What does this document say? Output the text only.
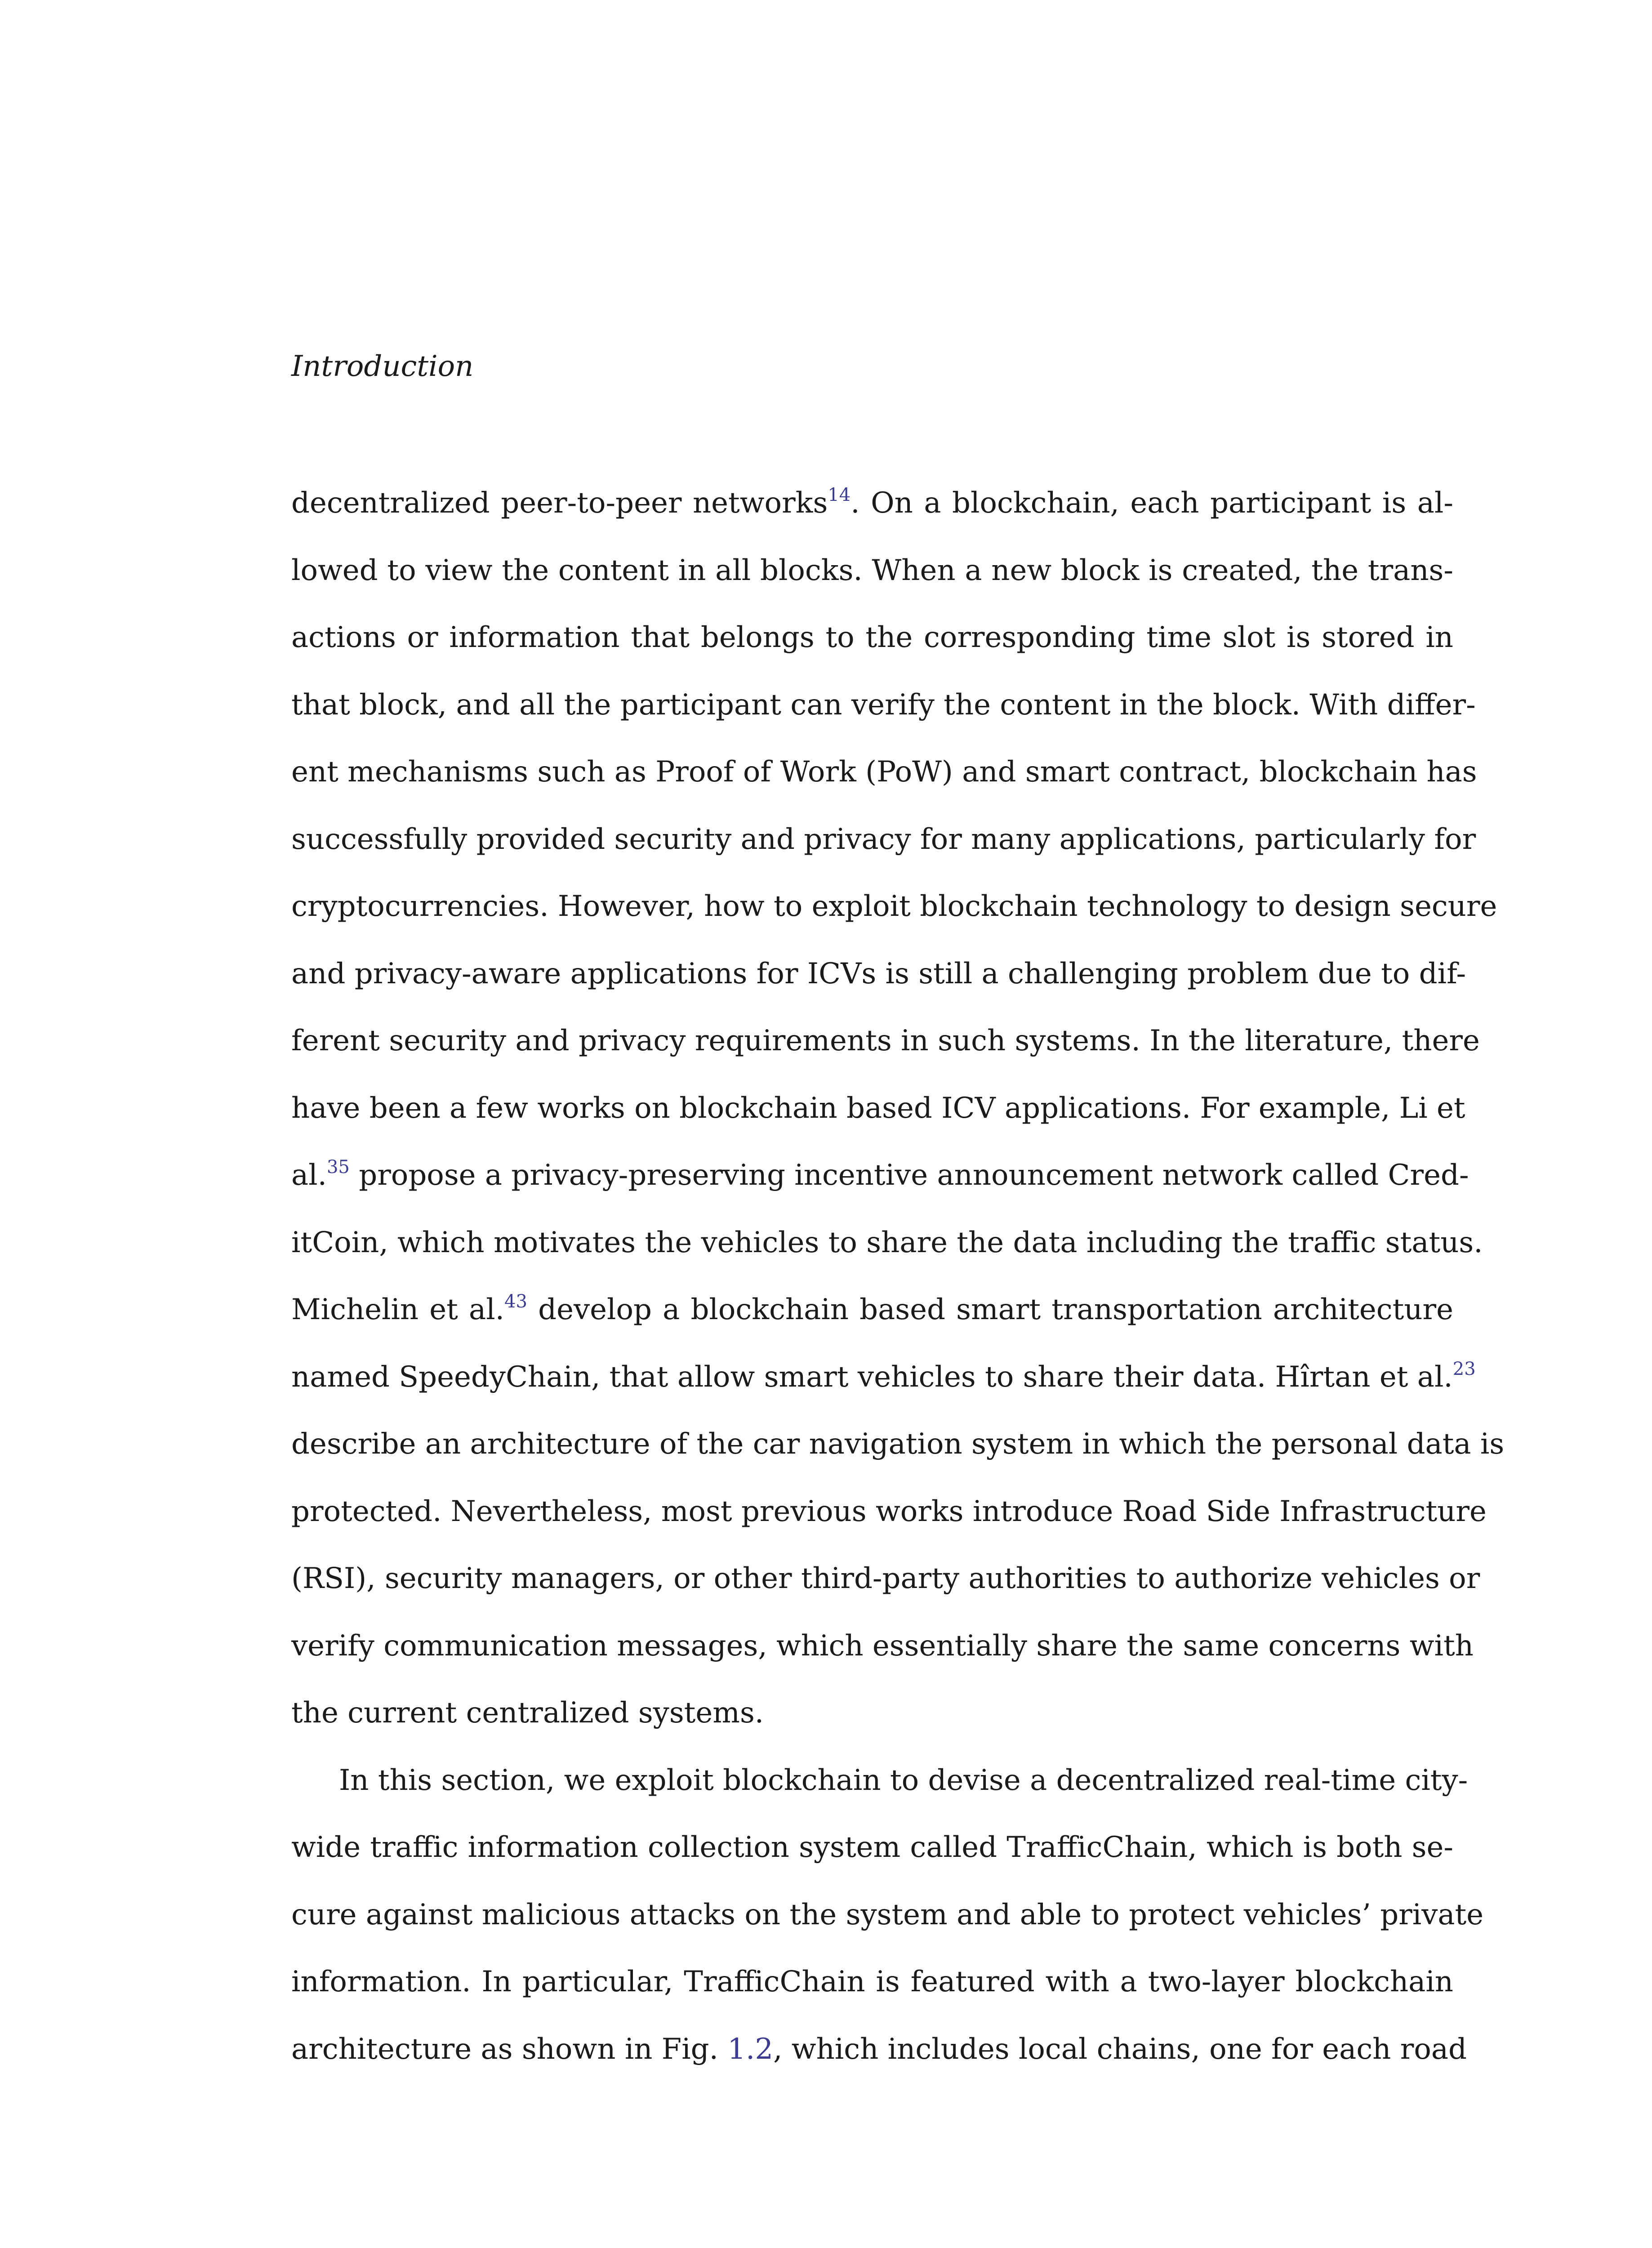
Introduction
decentralized peer-to-peer networks$^{14}$. On a blockchain, each participant is al-
lowed to view the content in all blocks. When a new block is created, the trans-
actions or information that belongs to the corresponding time slot is stored in
that block, and all the participant can verify the content in the block. With differ-
ent mechanisms such as Proof of Work (PoW) and smart contract, blockchain has
successfully provided security and privacy for many applications, particularly for
cryptocurrencies. However, how to exploit blockchain technology to design secure
and privacy-aware applications for ICVs is still a challenging problem due to dif-
ferent security and privacy requirements in such systems. In the literature, there
have been a few works on blockchain based ICV applications. For example, Li et
al.$^{35}$ propose a privacy-preserving incentive announcement network called Cred-
itCoin, which motivates the vehicles to share the data including the traffic status.
Michelin et al.$^{43}$ develop a blockchain based smart transportation architecture
named SpeedyChain, that allow smart vehicles to share their data. Hîrtan et al.$^{23}$
describe an architecture of the car navigation system in which the personal data is
protected. Nevertheless, most previous works introduce Road Side Infrastructure
(RSI), security managers, or other third-party authorities to authorize vehicles or
verify communication messages, which essentially share the same concerns with
the current centralized systems.
In this section, we exploit blockchain to devise a decentralized real-time city-
wide traffic information collection system called TrafficChain, which is both se-
cure against malicious attacks on the system and able to protect vehicles’ private
information. In particular, TrafficChain is featured with a two-layer blockchain
architecture as shown in Fig. 1.2, which includes local chains, one for each road
